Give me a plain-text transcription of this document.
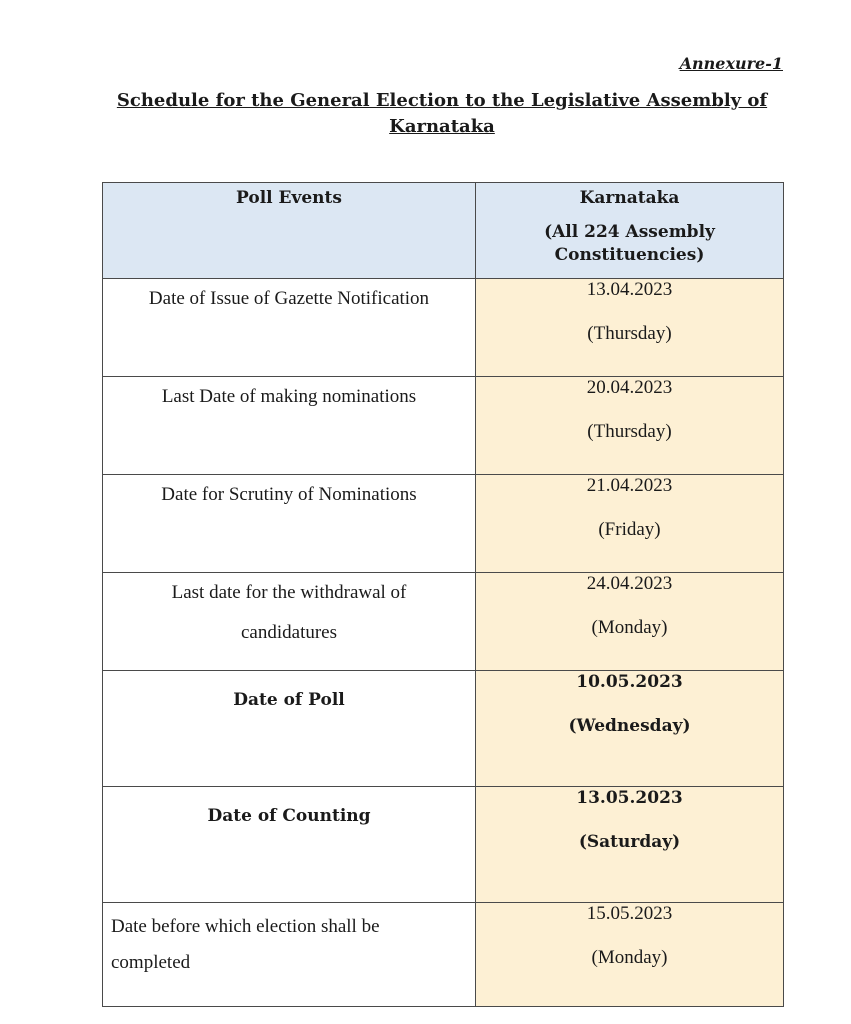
Annexure-1
Schedule for the General Election to the Legislative Assembly of
Karnataka
Poll Events	Karnataka
(All 224 Assembly
Constituencies)

Date of Issue of Gazette Notification	13.04.2023
(Thursday)

Last Date of making nominations	20.04.2023
(Thursday)

Date for Scrutiny of Nominations	21.04.2023
(Friday)

Last date for the withdrawal of
candidatures	24.04.2023
(Monday)

Date of Poll	10.05.2023
(Wednesday)

Date of Counting	13.05.2023
(Saturday)

Date before which election shall be
completed	15.05.2023
(Monday)
